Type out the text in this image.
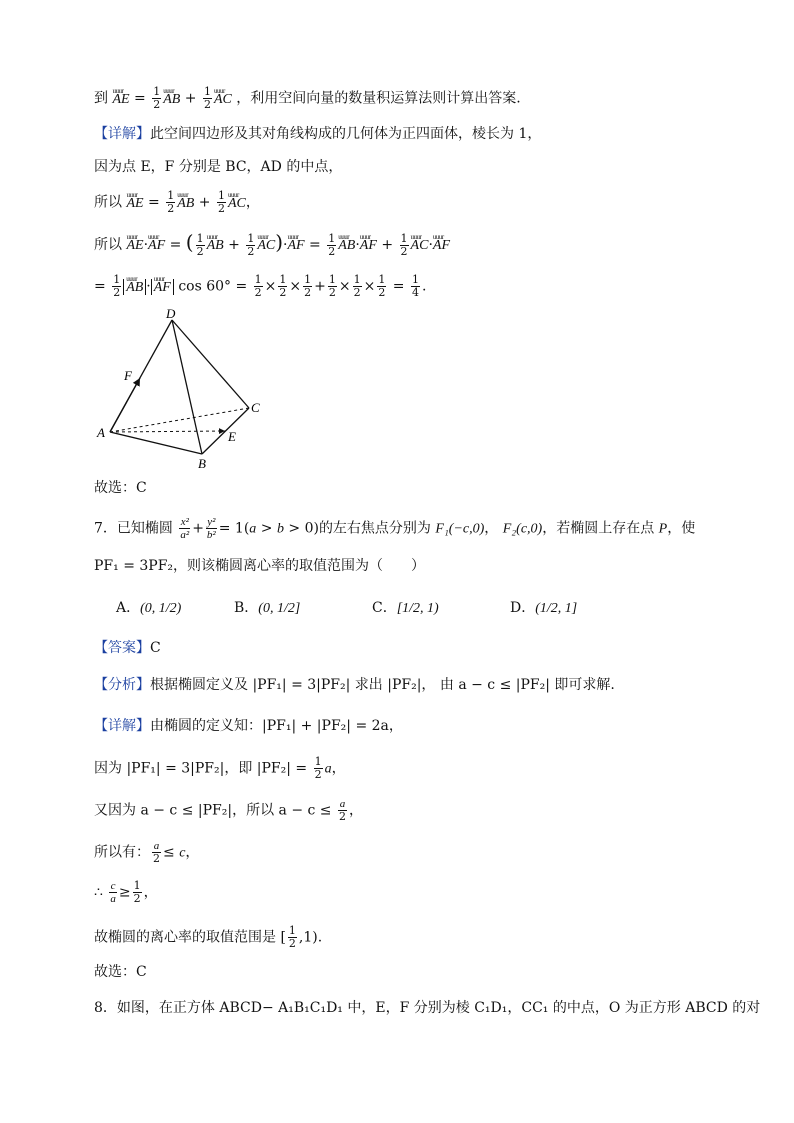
到 uuur AE = $\frac{1}{2}$ uuur AB + $\frac{1}{2}$ uuur AC ，利用空间向量的数量积运算法则计算出答案.
【详解】此空间四边形及其对角线构成的几何体为正四面体，棱长为 1，
因为点 E，F 分别是 BC，AD 的中点，
所以 uuur AE = $\frac{1}{2}$ uuur AB + $\frac{1}{2}$ uuur AC，
所以 uuur AE·uuur AF = ( $\frac{1}{2}$ uuur AB + $\frac{1}{2}$ uuur AC)·uuur AF = $\frac{1}{2}$ uuur AB·uuur AF + $\frac{1}{2}$ uuur AC·uuur AF
= $\frac{1}{2}$ uuur AB · uuur AF $\cos 60^\circ = \frac{1}{2} \times \frac{1}{2} \times \frac{1}{2} + \frac{1}{2} \times \frac{1}{2} \times \frac{1}{2} = \frac{1}{4}$ .
D
F
A
C
E
B
故选：C
7．已知椭圆 $\frac{\text{x²}}{\text{a²}} + \frac{\text{y²}}{\text{b²}} = 1(a > b > 0)$的左右焦点分别为 F₁(−c,0)， F₂(c,0)，若椭圆上存在点 P，使
PF₁ = 3PF₂，则该椭圆离心率的取值范围为（　　）
A．(0, 1/2)	B．(0, 1/2]	C．[1/2, 1)	D．(1/2, 1]
【答案】C
【分析】根据椭圆定义及 |PF₁| = 3|PF₂| 求出 |PF₂|， 由 a − c ≤ |PF₂| 即可求解.
【详解】由椭圆的定义知：|PF₁| + |PF₂| = 2a，
因为 |PF₁| = 3|PF₂|，即 $|PF_2| = \frac{1}{2}$ a，
又因为 a − c ≤ |PF₂|，所以 $a - c \le \frac{a}{2}$ ，
所以有： $\frac{a}{2} \le c$，
∴ $\frac{c}{a} \ge \frac{1}{2}$ ，
故椭圆的离心率的取值范围是 [ $\frac{1}{2} ,1$).
故选：C
8．如图，在正方体 ABCD− A₁B₁C₁D₁ 中，E，F 分别为棱 C₁D₁，CC₁ 的中点，O 为正方形 ABCD 的对
